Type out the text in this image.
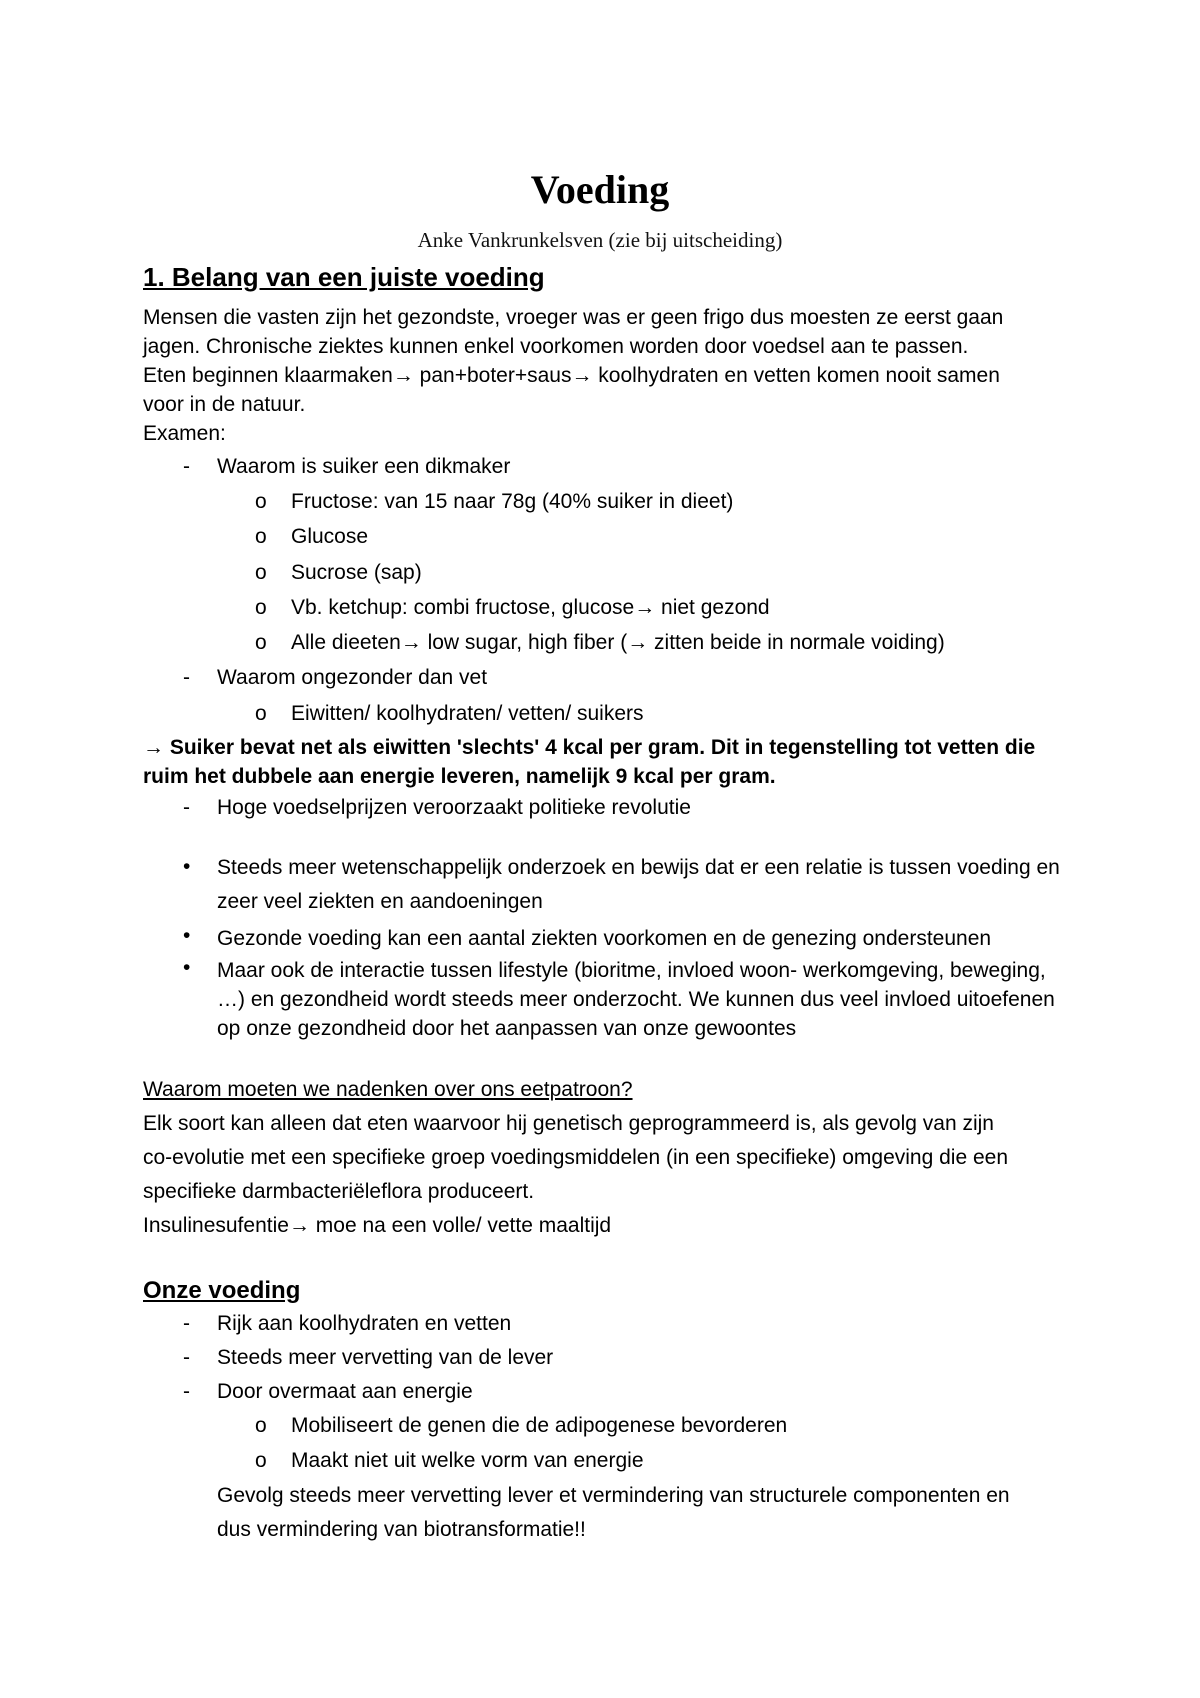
Voeding

Anke Vankrunkelsven (zie bij uitscheiding)

1. Belang van een juiste voeding

Mensen die vasten zijn het gezondste, vroeger was er geen frigo dus moesten ze eerst gaan

jagen. Chronische ziektes kunnen enkel voorkomen worden door voedsel aan te passen.

Eten beginnen klaarmaken→ pan+boter+saus→ koolhydraten en vetten komen nooit samen

voor in de natuur.

Examen:

- Waarom is suiker een dikmaker
o Fructose: van 15 naar 78g (40% suiker in dieet)
o Glucose
o Sucrose (sap)
o Vb. ketchup: combi fructose, glucose→ niet gezond
o Alle dieeten→ low sugar, high fiber (→ zitten beide in normale voiding)
- Waarom ongezonder dan vet
o Eiwitten/ koolhydraten/ vetten/ suikers

→ Suiker bevat net als eiwitten 'slechts' 4 kcal per gram. Dit in tegenstelling tot vetten die

ruim het dubbele aan energie leveren, namelijk 9 kcal per gram.

- Hoge voedselprijzen veroorzaakt politieke revolutie
• Steeds meer wetenschappelijk onderzoek en bewijs dat er een relatie is tussen voeding en zeer veel ziekten en aandoeningen
• Gezonde voeding kan een aantal ziekten voorkomen en de genezing ondersteunen
• Maar ook de interactie tussen lifestyle (bioritme, invloed woon- werkomgeving, beweging, …) en gezondheid wordt steeds meer onderzocht. We kunnen dus veel invloed uitoefenen op onze gezondheid door het aanpassen van onze gewoontes

Waarom moeten we nadenken over ons eetpatroon?

Elk soort kan alleen dat eten waarvoor hij genetisch geprogrammeerd is, als gevolg van zijn

co-evolutie met een specifieke groep voedingsmiddelen (in een specifieke) omgeving die een

specifieke darmbacteriëleflora produceert.

Insulinesufentie→ moe na een volle/ vette maaltijd

Onze voeding
- Rijk aan koolhydraten en vetten
- Steeds meer vervetting van de lever
- Door overmaat aan energie
o Mobiliseert de genen die de adipogenese bevorderen
o Maakt niet uit welke vorm van energie

Gevolg steeds meer vervetting lever et vermindering van structurele componenten en

dus vermindering van biotransformatie!!
